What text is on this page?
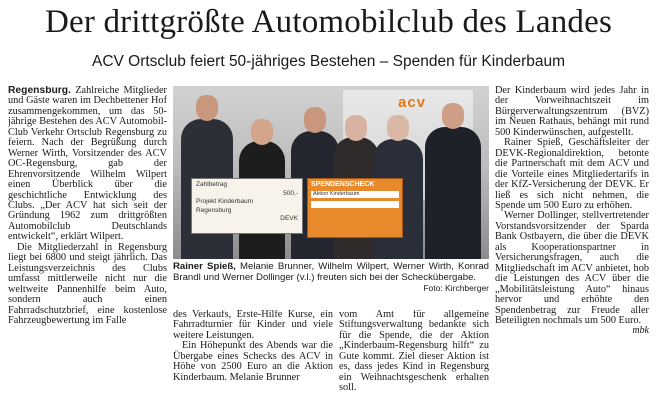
Der drittgrößte Automobilclub des Landes
ACV Ortsclub feiert 50-jähriges Bestehen – Spenden für Kinderbaum

Regensburg. Zahlreiche Mitglieder und Gäste waren im Dechbettener Hof zusammengekommen, um das 50-jährige Bestehen des ACV Automobil-Club Verkehr Ortsclub Regensburg zu feiern. Nach der Begrüßung durch Werner Wirth, Vorsitzender des ACV OC-Regensburg, gab der Ehrenvorsitzende Wilhelm Wilpert einen Überblick über die geschichtliche Entwicklung des Clubs. „Der ACV hat sich seit der Gründung 1962 zum drittgrößten Automobilclub Deutschlands entwickelt“, erklärt Wilpert.

Die Mitgliederzahl in Regensburg liegt bei 6800 und steigt jährlich. Das Leistungsverzeichnis des Clubs umfasst mittlerweile nicht nur die weltweite Pannenhilfe beim Auto, sondern auch einen Fahrradschutzbrief, eine kostenlose Fahrzeugbewertung im Falle

acv
Zahlbetrag
500,-
Projekt Kinderbaum
Regensburg
DEVK
SPENDENSCHECK
Aktion Kinderbaum
Rainer Spieß, Melanie Brunner, Wilhelm Wilpert, Werner Wirth, Konrad Brandl und Werner Dollinger (v.l.) freuten sich bei der Scheckübergabe.
Foto: Kirchberger

des Verkaufs, Erste-Hilfe Kurse, ein Fahrradturnier für Kinder und viele weitere Leistungen.

Ein Höhepunkt des Abends war die Übergabe eines Schecks des ACV in Höhe von 2500 Euro an die Aktion Kinderbaum. Melanie Brunner

vom Amt für allgemeine Stiftungsverwaltung bedankte sich für die Spende, die der Aktion „Kinderbaum-Regensburg hilft“ zu Gute kommt. Ziel dieser Aktion ist es, dass jedes Kind in Regensburg ein Weihnachtsgeschenk erhalten soll.

Der Kinderbaum wird jedes Jahr in der Vorweihnachtszeit im Bürgerverwaltungszentrum (BVZ) im Neuen Rathaus, behängt mit rund 500 Kinderwünschen, aufgestellt.

Rainer Spieß, Geschäftsleiter der DEVK-Regionaldirektion, betonte die Partnerschaft mit dem ACV und die Vorteile eines Mitgliedertarifs in der KfZ-Versicherung der DEVK. Er ließ es sich nicht nehmen, die Spende um 500 Euro zu erhöhen.

Werner Dollinger, stellvertretender Vorstandsvorsitzender der Sparda Bank Ostbayern, die über die DEVK als Kooperationspartner in Versicherungsfragen, auch die Mitgliedschaft im ACV anbietet, hob die Leistungen des ACV über die „Mobilitätsleistung Auto“ hinaus hervor und erhöhte den Spendenbetrag zur Freude aller Beteiligten nochmals um 500 Euro.

mbk
